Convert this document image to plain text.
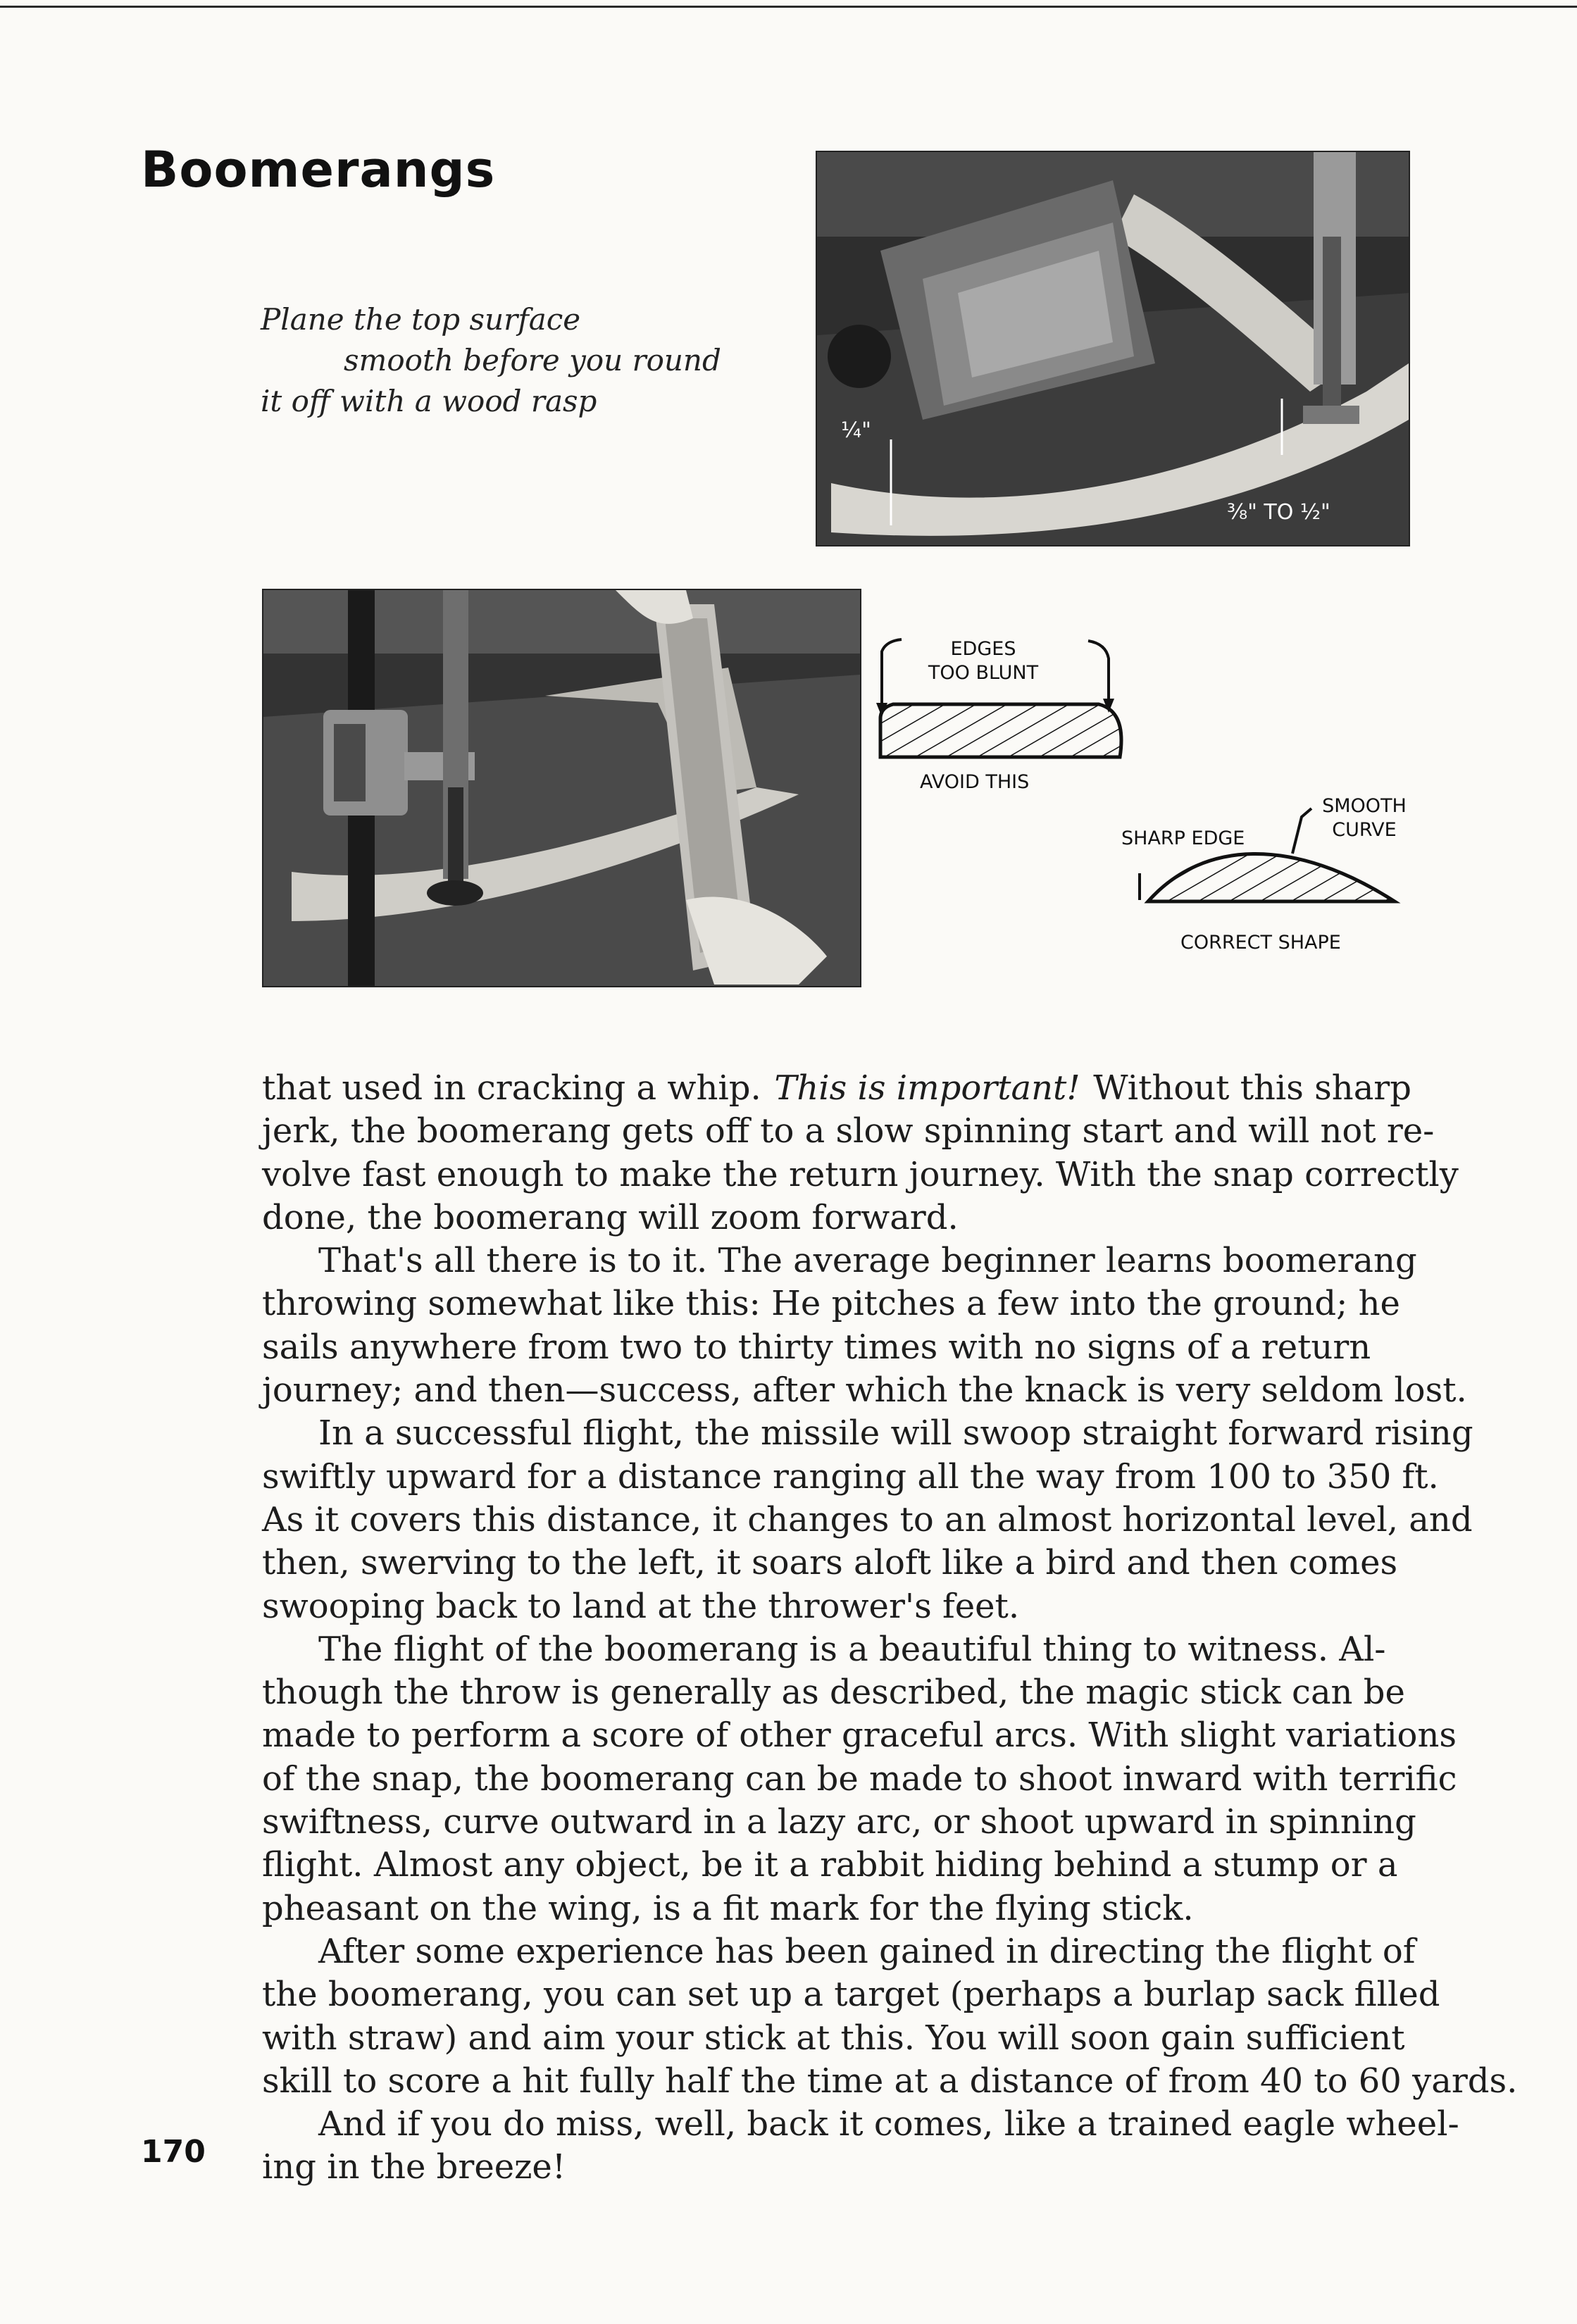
Boomerangs
Plane the top surface
smooth before you round
it off with a wood rasp
¼"
⅜" TO ½"
EDGES
TOO BLUNT
AVOID THIS
SHARP EDGE
SMOOTH
CURVE
CORRECT SHAPE
that used in cracking a whip. This is important! Without this sharp
jerk, the boomerang gets off to a slow spinning start and will not re-
volve fast enough to make the return journey. With the snap correctly
done, the boomerang will zoom forward.
That's all there is to it. The average beginner learns boomerang
throwing somewhat like this: He pitches a few into the ground; he
sails anywhere from two to thirty times with no signs of a return
journey; and then—success, after which the knack is very seldom lost.
In a successful flight, the missile will swoop straight forward rising
swiftly upward for a distance ranging all the way from 100 to 350 ft.
As it covers this distance, it changes to an almost horizontal level, and
then, swerving to the left, it soars aloft like a bird and then comes
swooping back to land at the thrower's feet.
The flight of the boomerang is a beautiful thing to witness. Al-
though the throw is generally as described, the magic stick can be
made to perform a score of other graceful arcs. With slight variations
of the snap, the boomerang can be made to shoot inward with terrific
swiftness, curve outward in a lazy arc, or shoot upward in spinning
flight. Almost any object, be it a rabbit hiding behind a stump or a
pheasant on the wing, is a fit mark for the flying stick.
After some experience has been gained in directing the flight of
the boomerang, you can set up a target (perhaps a burlap sack filled
with straw) and aim your stick at this. You will soon gain sufficient
skill to score a hit fully half the time at a distance of from 40 to 60 yards.
And if you do miss, well, back it comes, like a trained eagle wheel-
ing in the breeze!
170
